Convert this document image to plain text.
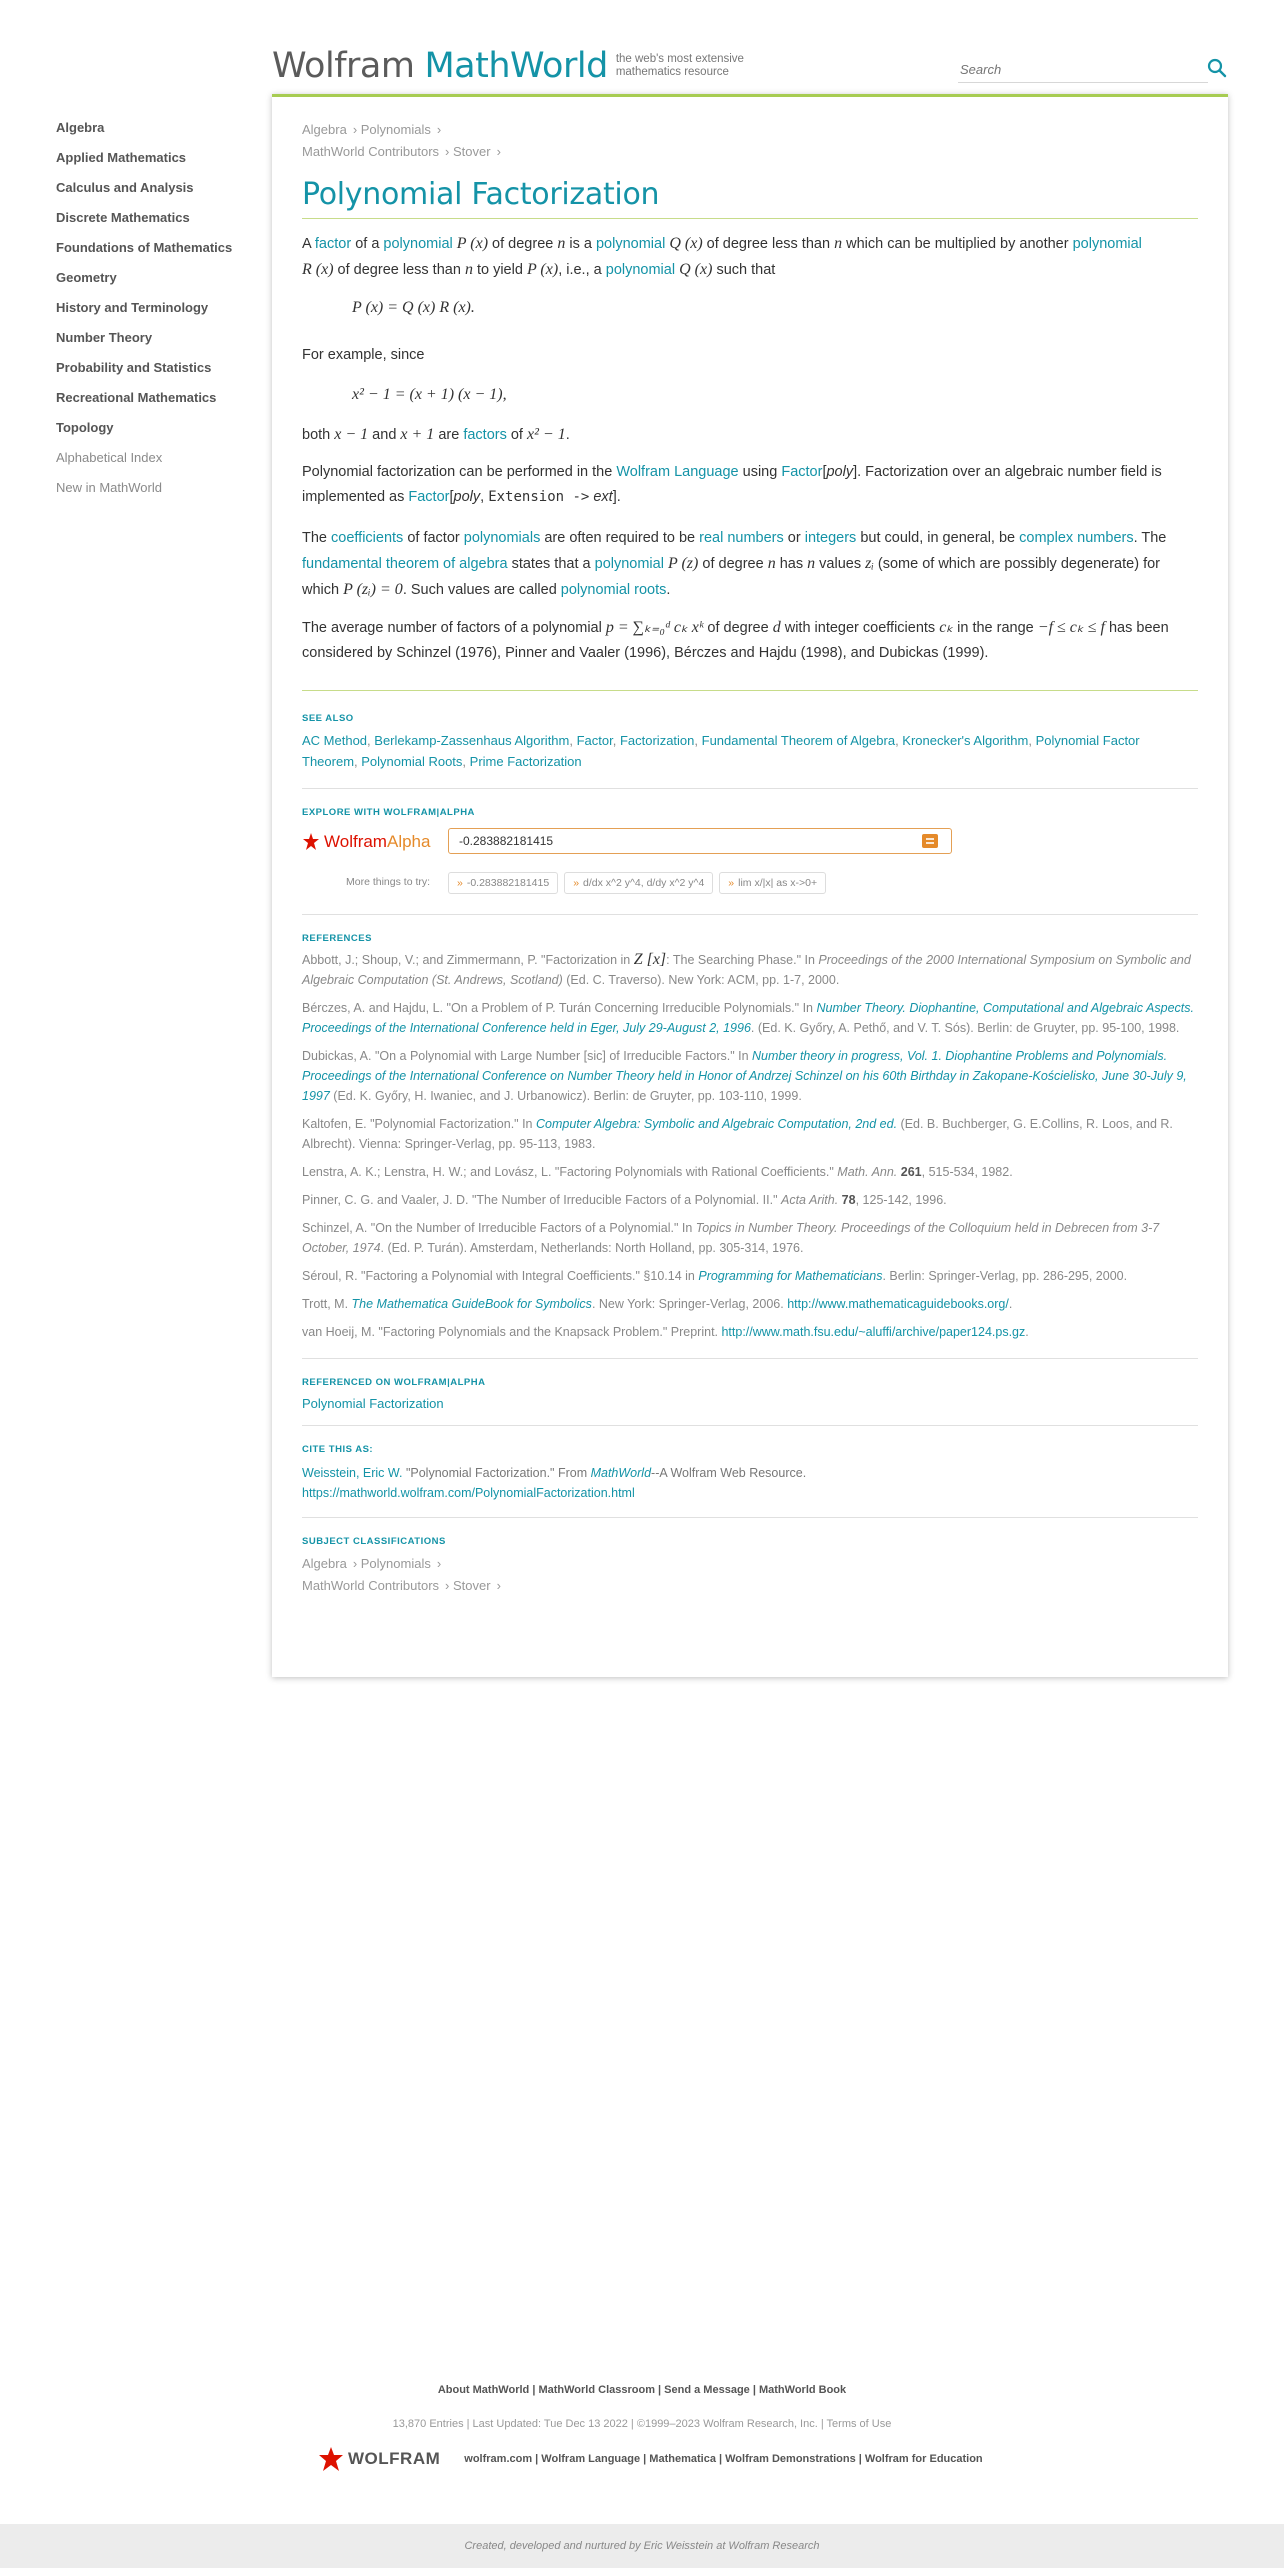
Wolfram MathWorld the web's most extensive mathematics resource
Search
Algebra
Applied Mathematics
Calculus and Analysis
Discrete Mathematics
Foundations of Mathematics
Geometry
History and Terminology
Number Theory
Probability and Statistics
Recreational Mathematics
Topology
Alphabetical Index
New in MathWorld
Algebra › Polynomials ›
MathWorld Contributors › Stover ›
Polynomial Factorization

A factor of a polynomial P (x) of degree n is a polynomial Q (x) of degree less than n which can be multiplied by another polynomial
R (x) of degree less than n to yield P (x), i.e., a polynomial Q (x) such that

P (x) = Q (x) R (x).

For example, since

x² − 1 = (x + 1) (x − 1),

both x − 1 and x + 1 are factors of x² − 1.

Polynomial factorization can be performed in the Wolfram Language using Factor[poly]. Factorization over an algebraic number field is implemented as Factor[poly, Extension -> ext].

The coefficients of factor polynomials are often required to be real numbers or integers but could, in general, be complex numbers. The fundamental theorem of algebra states that a polynomial P (z) of degree n has n values zᵢ (some of which are possibly degenerate) for which P (zᵢ) = 0. Such values are called polynomial roots.

The average number of factors of a polynomial p = ∑ₖ₌₀ᵈ cₖ xᵏ of degree d with integer coefficients cₖ in the range −f ≤ cₖ ≤ f has been considered by Schinzel (1976), Pinner and Vaaler (1996), Bérczes and Hajdu (1998), and Dubickas (1999).

SEE ALSO
AC Method, Berlekamp-Zassenhaus Algorithm, Factor, Factorization, Fundamental Theorem of Algebra, Kronecker's Algorithm, Polynomial Factor Theorem, Polynomial Roots, Prime Factorization
EXPLORE WITH WOLFRAM|ALPHA
Wolfram Alpha
-0.283882181415
More things to try:	» -0.283882181415 » d/dx x^2 y^4, d/dy x^2 y^4 » lim x/|x| as x->0+
REFERENCES
Abbott, J.; Shoup, V.; and Zimmermann, P. "Factorization in Z [x]: The Searching Phase." In Proceedings of the 2000 International Symposium on Symbolic and Algebraic Computation (St. Andrews, Scotland) (Ed. C. Traverso). New York: ACM, pp. 1-7, 2000.
Bérczes, A. and Hajdu, L. "On a Problem of P. Turán Concerning Irreducible Polynomials." In Number Theory. Diophantine, Computational and Algebraic Aspects. Proceedings of the International Conference held in Eger, July 29-August 2, 1996. (Ed. K. Győry, A. Pethő, and V. T. Sós). Berlin: de Gruyter, pp. 95-100, 1998.
Dubickas, A. "On a Polynomial with Large Number [sic] of Irreducible Factors." In Number theory in progress, Vol. 1. Diophantine Problems and Polynomials. Proceedings of the International Conference on Number Theory held in Honor of Andrzej Schinzel on his 60th Birthday in Zakopane-Kościelisko, June 30-July 9, 1997 (Ed. K. Győry, H. Iwaniec, and J. Urbanowicz). Berlin: de Gruyter, pp. 103-110, 1999.
Kaltofen, E. "Polynomial Factorization." In Computer Algebra: Symbolic and Algebraic Computation, 2nd ed. (Ed. B. Buchberger, G. E.Collins, R. Loos, and R. Albrecht). Vienna: Springer-Verlag, pp. 95-113, 1983.
Lenstra, A. K.; Lenstra, H. W.; and Lovász, L. "Factoring Polynomials with Rational Coefficients." Math. Ann. 261, 515-534, 1982.
Pinner, C. G. and Vaaler, J. D. "The Number of Irreducible Factors of a Polynomial. II." Acta Arith. 78, 125-142, 1996.
Schinzel, A. "On the Number of Irreducible Factors of a Polynomial." In Topics in Number Theory. Proceedings of the Colloquium held in Debrecen from 3-7 October, 1974. (Ed. P. Turán). Amsterdam, Netherlands: North Holland, pp. 305-314, 1976.
Séroul, R. "Factoring a Polynomial with Integral Coefficients." §10.14 in Programming for Mathematicians. Berlin: Springer-Verlag, pp. 286-295, 2000.
Trott, M. The Mathematica GuideBook for Symbolics. New York: Springer-Verlag, 2006. http://www.mathematicaguidebooks.org/.
van Hoeij, M. "Factoring Polynomials and the Knapsack Problem." Preprint. http://www.math.fsu.edu/~aluffi/archive/paper124.ps.gz.
REFERENCED ON WOLFRAM|ALPHA
Polynomial Factorization
CITE THIS AS:
Weisstein, Eric W. "Polynomial Factorization." From MathWorld--A Wolfram Web Resource.
https://mathworld.wolfram.com/PolynomialFactorization.html
SUBJECT CLASSIFICATIONS
Algebra › Polynomials ›
MathWorld Contributors › Stover ›
About MathWorld | MathWorld Classroom | Send a Message | MathWorld Book
13,870 Entries | Last Updated: Tue Dec 13 2022 | ©1999–2023 Wolfram Research, Inc. | Terms of Use
WOLFRAM wolfram.com | Wolfram Language | Mathematica | Wolfram Demonstrations | Wolfram for Education
Created, developed and nurtured by Eric Weisstein at Wolfram Research
